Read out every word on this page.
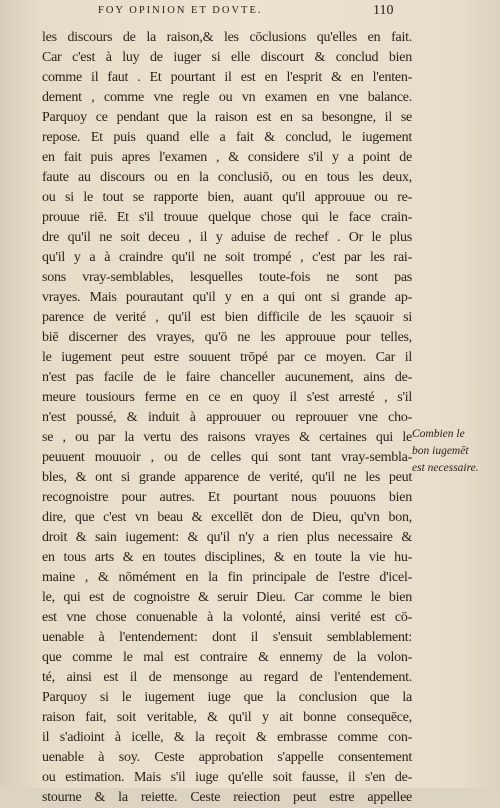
FOY OPINION ET DOVTE.	110
les discours de la raison,& les cōclusions qu'elles en fait.
Car c'est à luy de iuger si elle discourt & conclud bien
comme il faut . Et pourtant il est en l'esprit & en l'enten-
dement , comme vne regle ou vn examen en vne balance.
Parquoy ce pendant que la raison est en sa besongne, il se
repose. Et puis quand elle a fait & conclud, le iugement
en fait puis apres l'examen , & considere s'il y a point de
faute au discours ou en la conclusiō, ou en tous les deux,
ou si le tout se rapporte bien, auant qu'il approuue ou re-
prouue riē. Et s'il trouue quelque chose qui le face crain-
dre qu'il ne soit deceu , il y aduise de rechef . Or le plus
qu'il y a à craindre qu'il ne soit trompé , c'est par les rai-
sons vray-semblables, lesquelles toute-fois ne sont pas
vrayes. Mais pourautant qu'il y en a qui ont si grande ap-
parence de verité , qu'il est bien difficile de les sçauoir si
biē discerner des vrayes, qu'ō ne les approuue pour telles,
le iugement peut estre souuent trōpé par ce moyen. Car il
n'est pas facile de le faire chanceller aucunement, ains de-
meure tousiours ferme en ce en quoy il s'est arresté , s'il
n'est poussé, & induit à approuuer ou reprouuer vne cho-
se , ou par la vertu des raisons vrayes & certaines qui le
peuuent mouuoir , ou de celles qui sont tant vray-sembla-
bles, & ont si grande apparence de verité, qu'il ne les peut
recognoistre pour autres. Et pourtant nous pouuons bien
dire, que c'est vn beau & excellēt don de Dieu, qu'vn bon,
droit & sain iugement: & qu'il n'y a rien plus necessaire &
en tous arts & en toutes disciplines, & en toute la vie hu-
maine , & nōmément en la fin principale de l'estre d'icel-
le, qui est de cognoistre & seruir Dieu. Car comme le bien
est vne chose conuenable à la volonté, ainsi verité est cō-
uenable à l'entendement: dont il s'ensuit semblablement:
que comme le mal est contraire & ennemy de la volon-
té, ainsi est il de mensonge au regard de l'entendement.
Parquoy si le iugement iuge que la conclusion que la
raison fait, soit veritable, & qu'il y ait bonne consequēce,
il s'adioint à icelle, & la reçoit & embrasse comme con-
uenable à soy. Ceste approbation s'appelle consentement
ou estimation. Mais s'il iuge qu'elle soit fausse, il s'en de-
stourne & la reiette. Ceste reiection peut estre appellee
Combien le
bon iugemēt
est necessaire.
